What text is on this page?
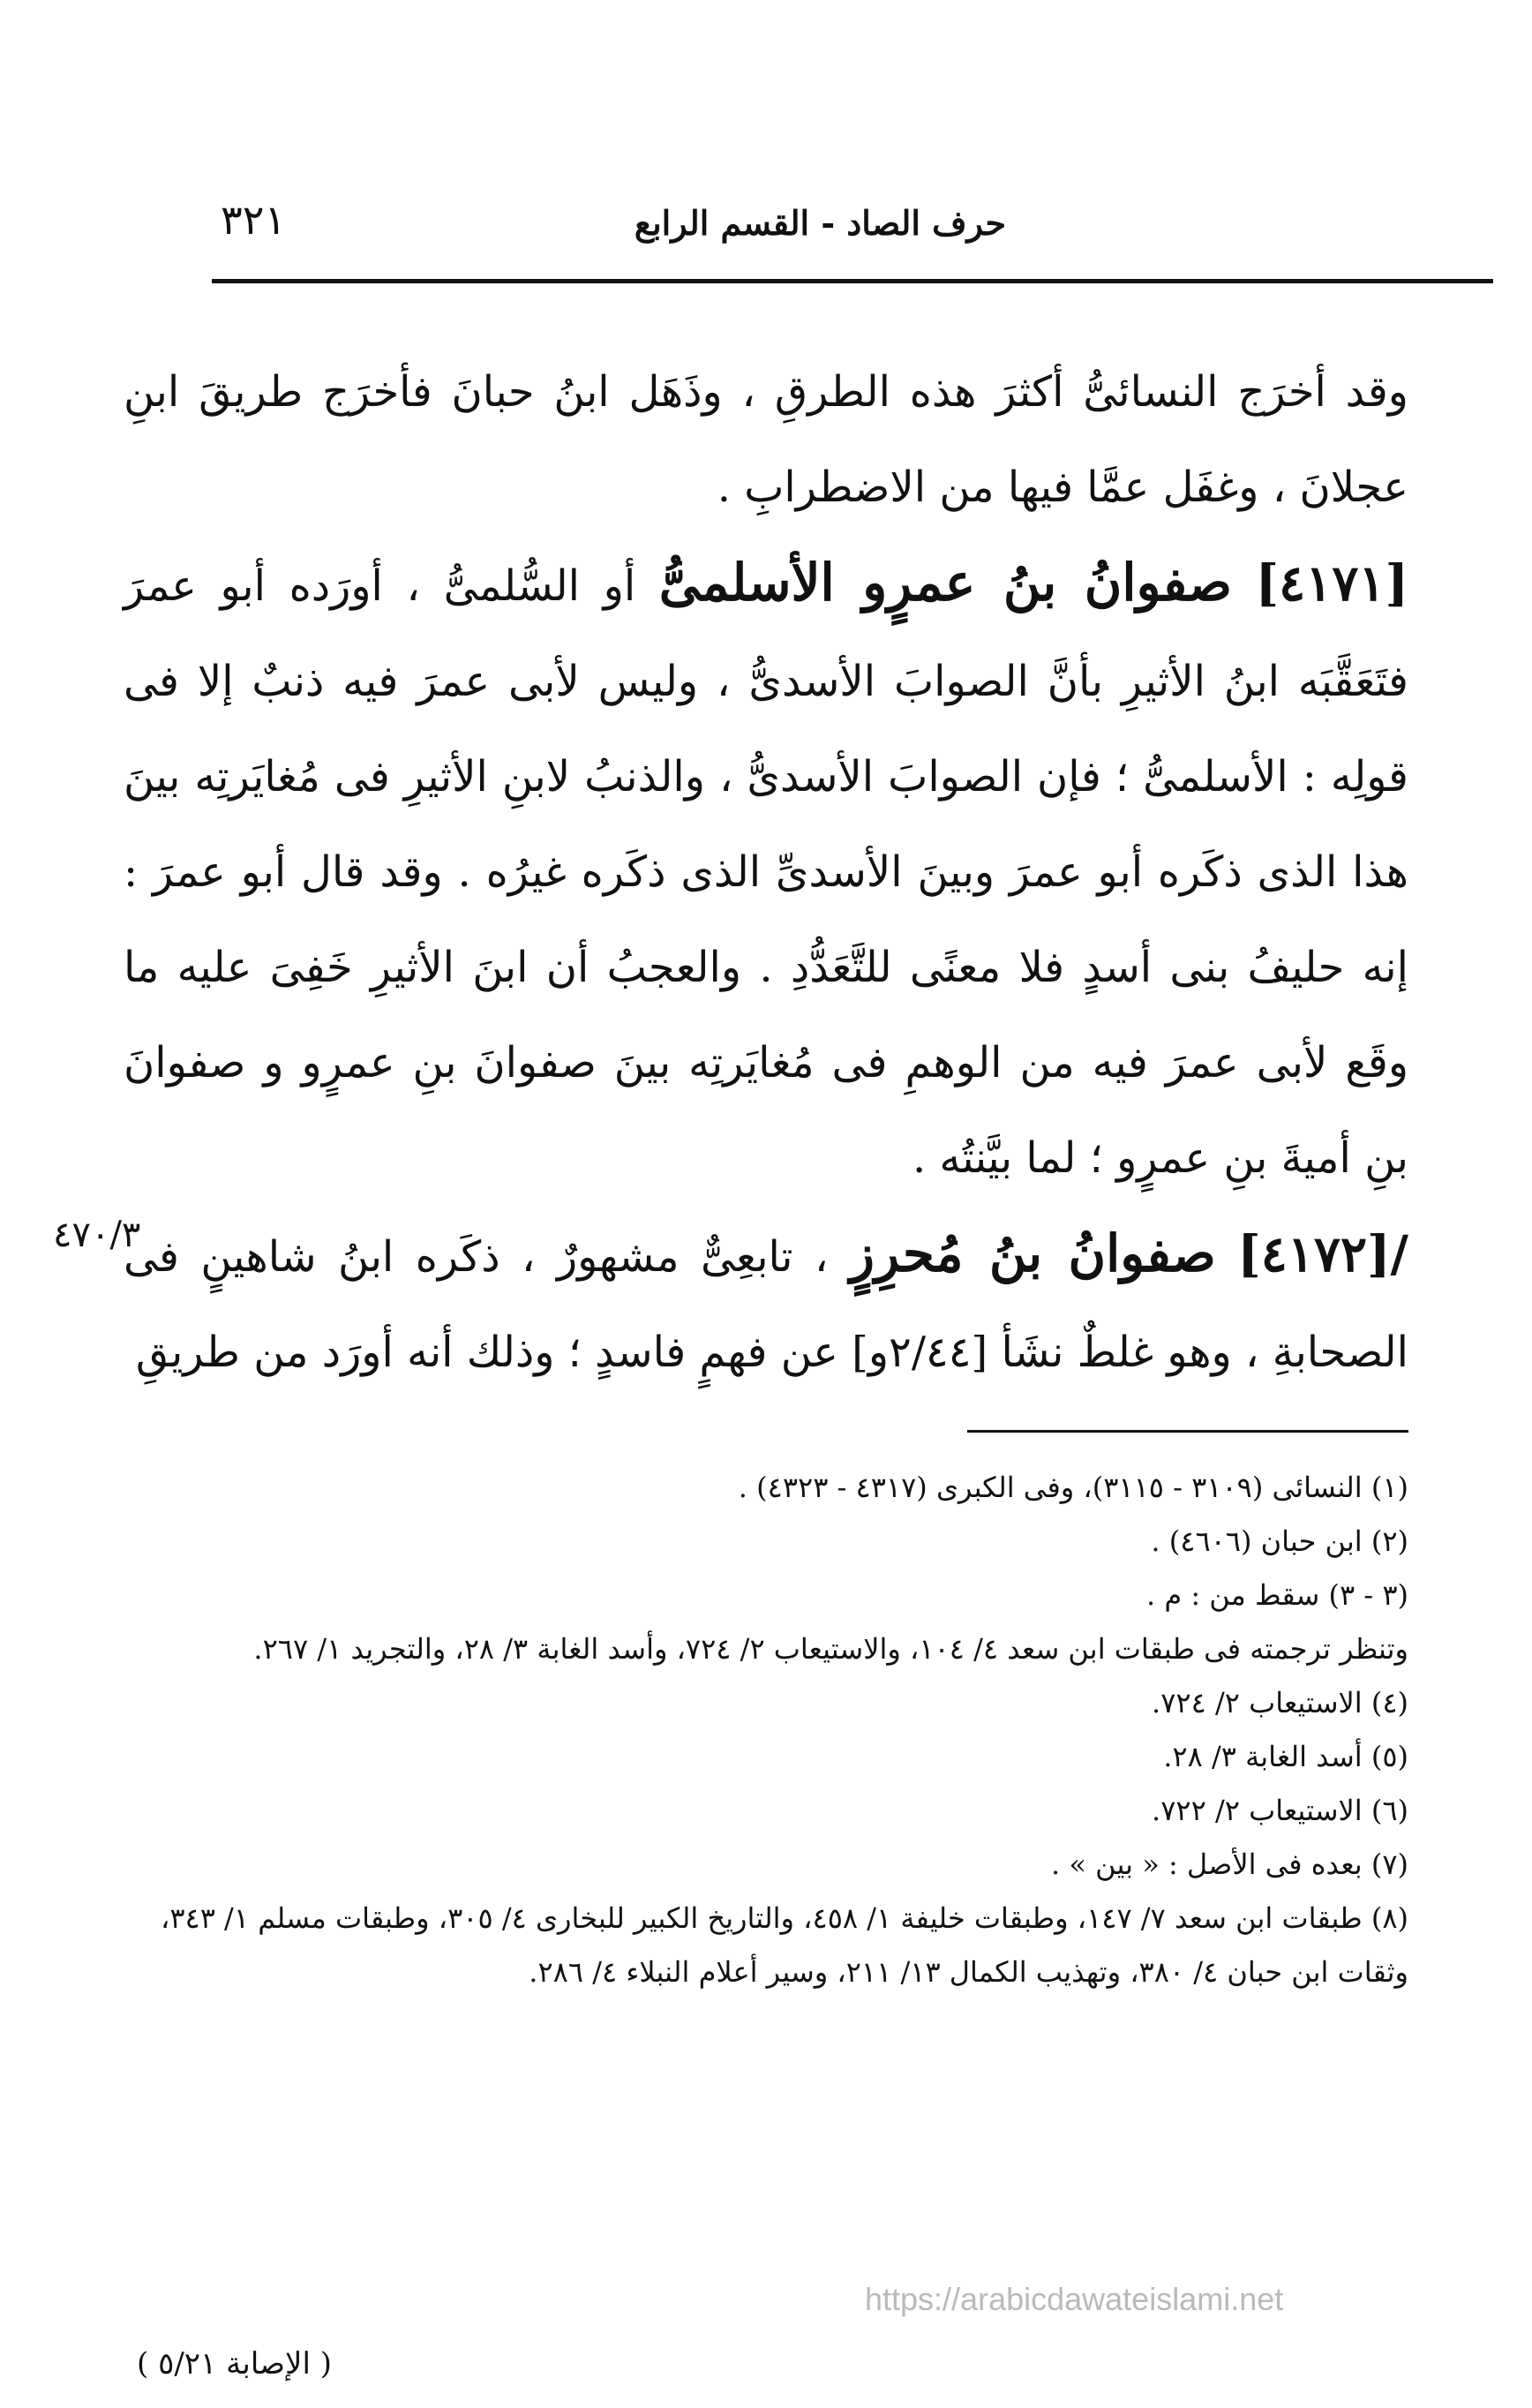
حرف الصاد - القسم الرابع
٣٢١

وقد أخرَج النسائىُّ أكثرَ هذه الطرقِ ، وذَهَل ابنُ حبانَ فأخرَج طريقَ ابنِ عجلانَ ، وغفَل عمَّا فيها من الاضطرابِ .

[٤١٧١] صفوانُ بنُ عمرٍو الأسلمىُّ أو السُّلمىُّ ، أورَده أبو عمرَ فتَعَقَّبَه ابنُ الأثيرِ بأنَّ الصوابَ الأسدىُّ ، وليس لأبى عمرَ فيه ذنبٌ إلا فى قولِه : الأسلمىُّ ؛ فإن الصوابَ الأسدىُّ ، والذنبُ لابنِ الأثيرِ فى مُغايَرتِه بينَ هذا الذى ذكَره أبو عمرَ وبينَ الأسدىِّ الذى ذكَره غيرُه . وقد قال أبو عمرَ : إنه حليفُ بنى أسدٍ فلا معنًى للتَّعَدُّدِ . والعجبُ أن ابنَ الأثيرِ خَفِىَ عليه ما وقَع لأبى عمرَ فيه من الوهمِ فى مُغايَرتِه بينَ صفوانَ بنِ عمرٍو و صفوانَ بنِ أميةَ بنِ عمرٍو ؛ لما بيَّنتُه .

/[٤١٧٢] صفوانُ بنُ مُحرِزٍ ، تابعِىٌّ مشهورٌ ، ذكَره ابنُ شاهينٍ فى الصحابةِ ، وهو غلطٌ نشَأ [٢/٤٤و] عن فهمٍ فاسدٍ ؛ وذلك أنه أورَد من طريقِ

٤٧٠/٣

(١) النسائى (٣١٠٩ - ٣١١٥)، وفى الكبرى (٤٣١٧ - ٤٣٢٣) .

(٢) ابن حبان (٤٦٠٦) .

(٣ - ٣) سقط من : م .

وتنظر ترجمته فى طبقات ابن سعد ٤/ ١٠٤، والاستيعاب ٢/ ٧٢٤، وأسد الغابة ٣/ ٢٨، والتجريد ١/ ٢٦٧.

(٤) الاستيعاب ٢/ ٧٢٤.

(٥) أسد الغابة ٣/ ٢٨.

(٦) الاستيعاب ٢/ ٧٢٢.

(٧) بعده فى الأصل : « بين » .

(٨) طبقات ابن سعد ٧/ ١٤٧، وطبقات خليفة ١/ ٤٥٨، والتاريخ الكبير للبخارى ٤/ ٣٠٥، وطبقات مسلم ١/ ٣٤٣، وثقات ابن حبان ٤/ ٣٨٠، وتهذيب الكمال ١٣/ ٢١١، وسير أعلام النبلاء ٤/ ٢٨٦.

https://arabicdawateislami.net
( الإصابة ٥/٢١ )
